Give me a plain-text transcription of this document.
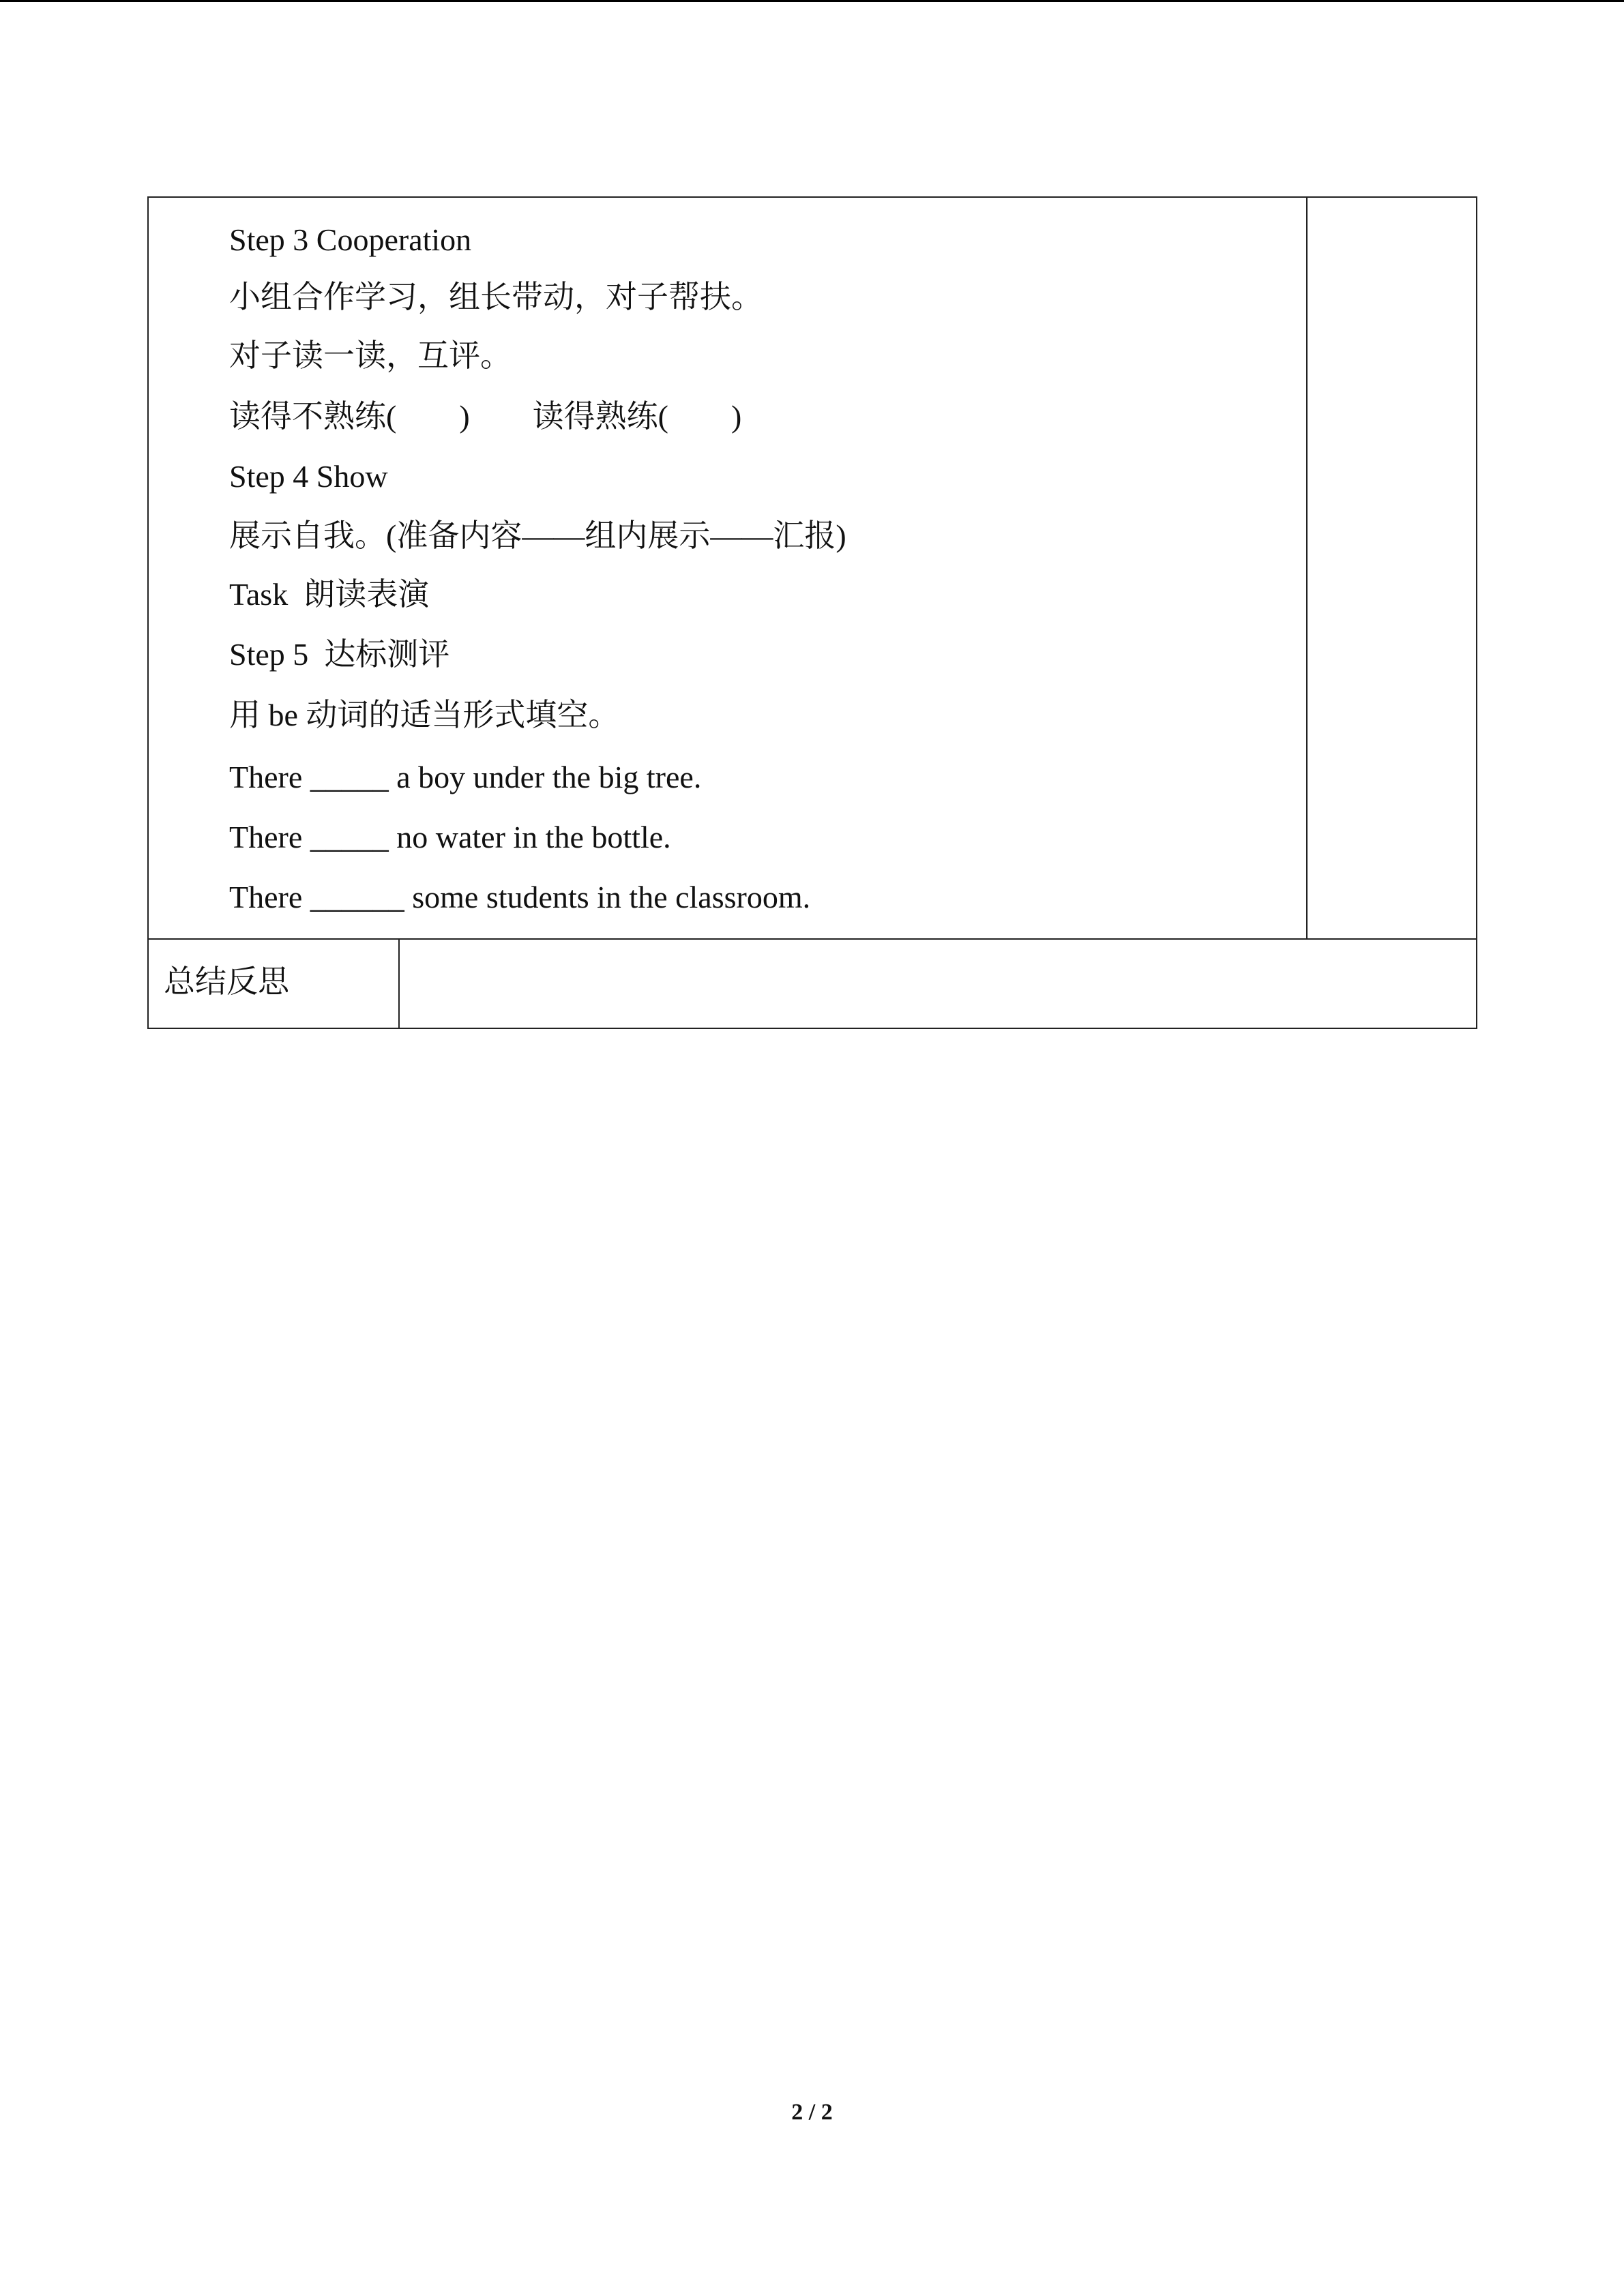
Step 3 Cooperation
小组合作学习，组长带动，对子帮扶。
对子读一读，互评。
读得不熟练(        )        读得熟练(        )
Step 4 Show
展示自我。(准备内容——组内展示——汇报)
Task  朗读表演
Step 5  达标测评
用 be 动词的适当形式填空。
There _____ a boy under the big tree.
There _____ no water in the bottle.
There ______ some students in the classroom.
总结反思
2 / 2
